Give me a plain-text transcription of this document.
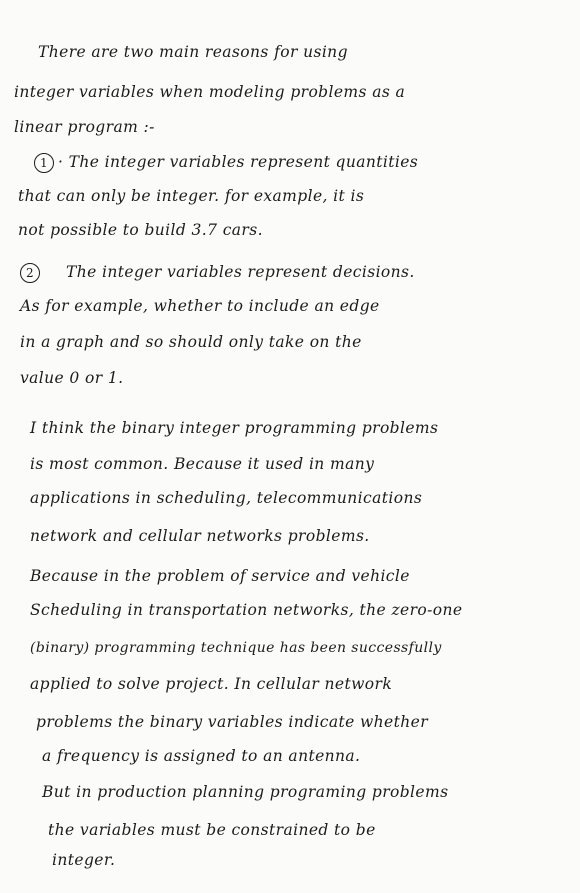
There are two main reasons for using
integer variables when modeling problems as a
linear program :-
1 · The integer variables represent quantities
that can only be integer. for example, it is
not possible to build 3.7 cars.
2 The integer variables represent decisions.
As for example, whether to include an edge
in a graph and so should only take on the
value 0 or 1.
I think the binary integer programming problems
is most common. Because it used in many
applications in scheduling, telecommunications
network and cellular networks problems.
Because in the problem of service and vehicle
Scheduling in transportation networks, the zero-one
(binary) programming technique has been successfully
applied to solve project. In cellular network
problems the binary variables indicate whether
a frequency is assigned to an antenna.
But in production planning programing problems
the variables must be constrained to be
integer.
